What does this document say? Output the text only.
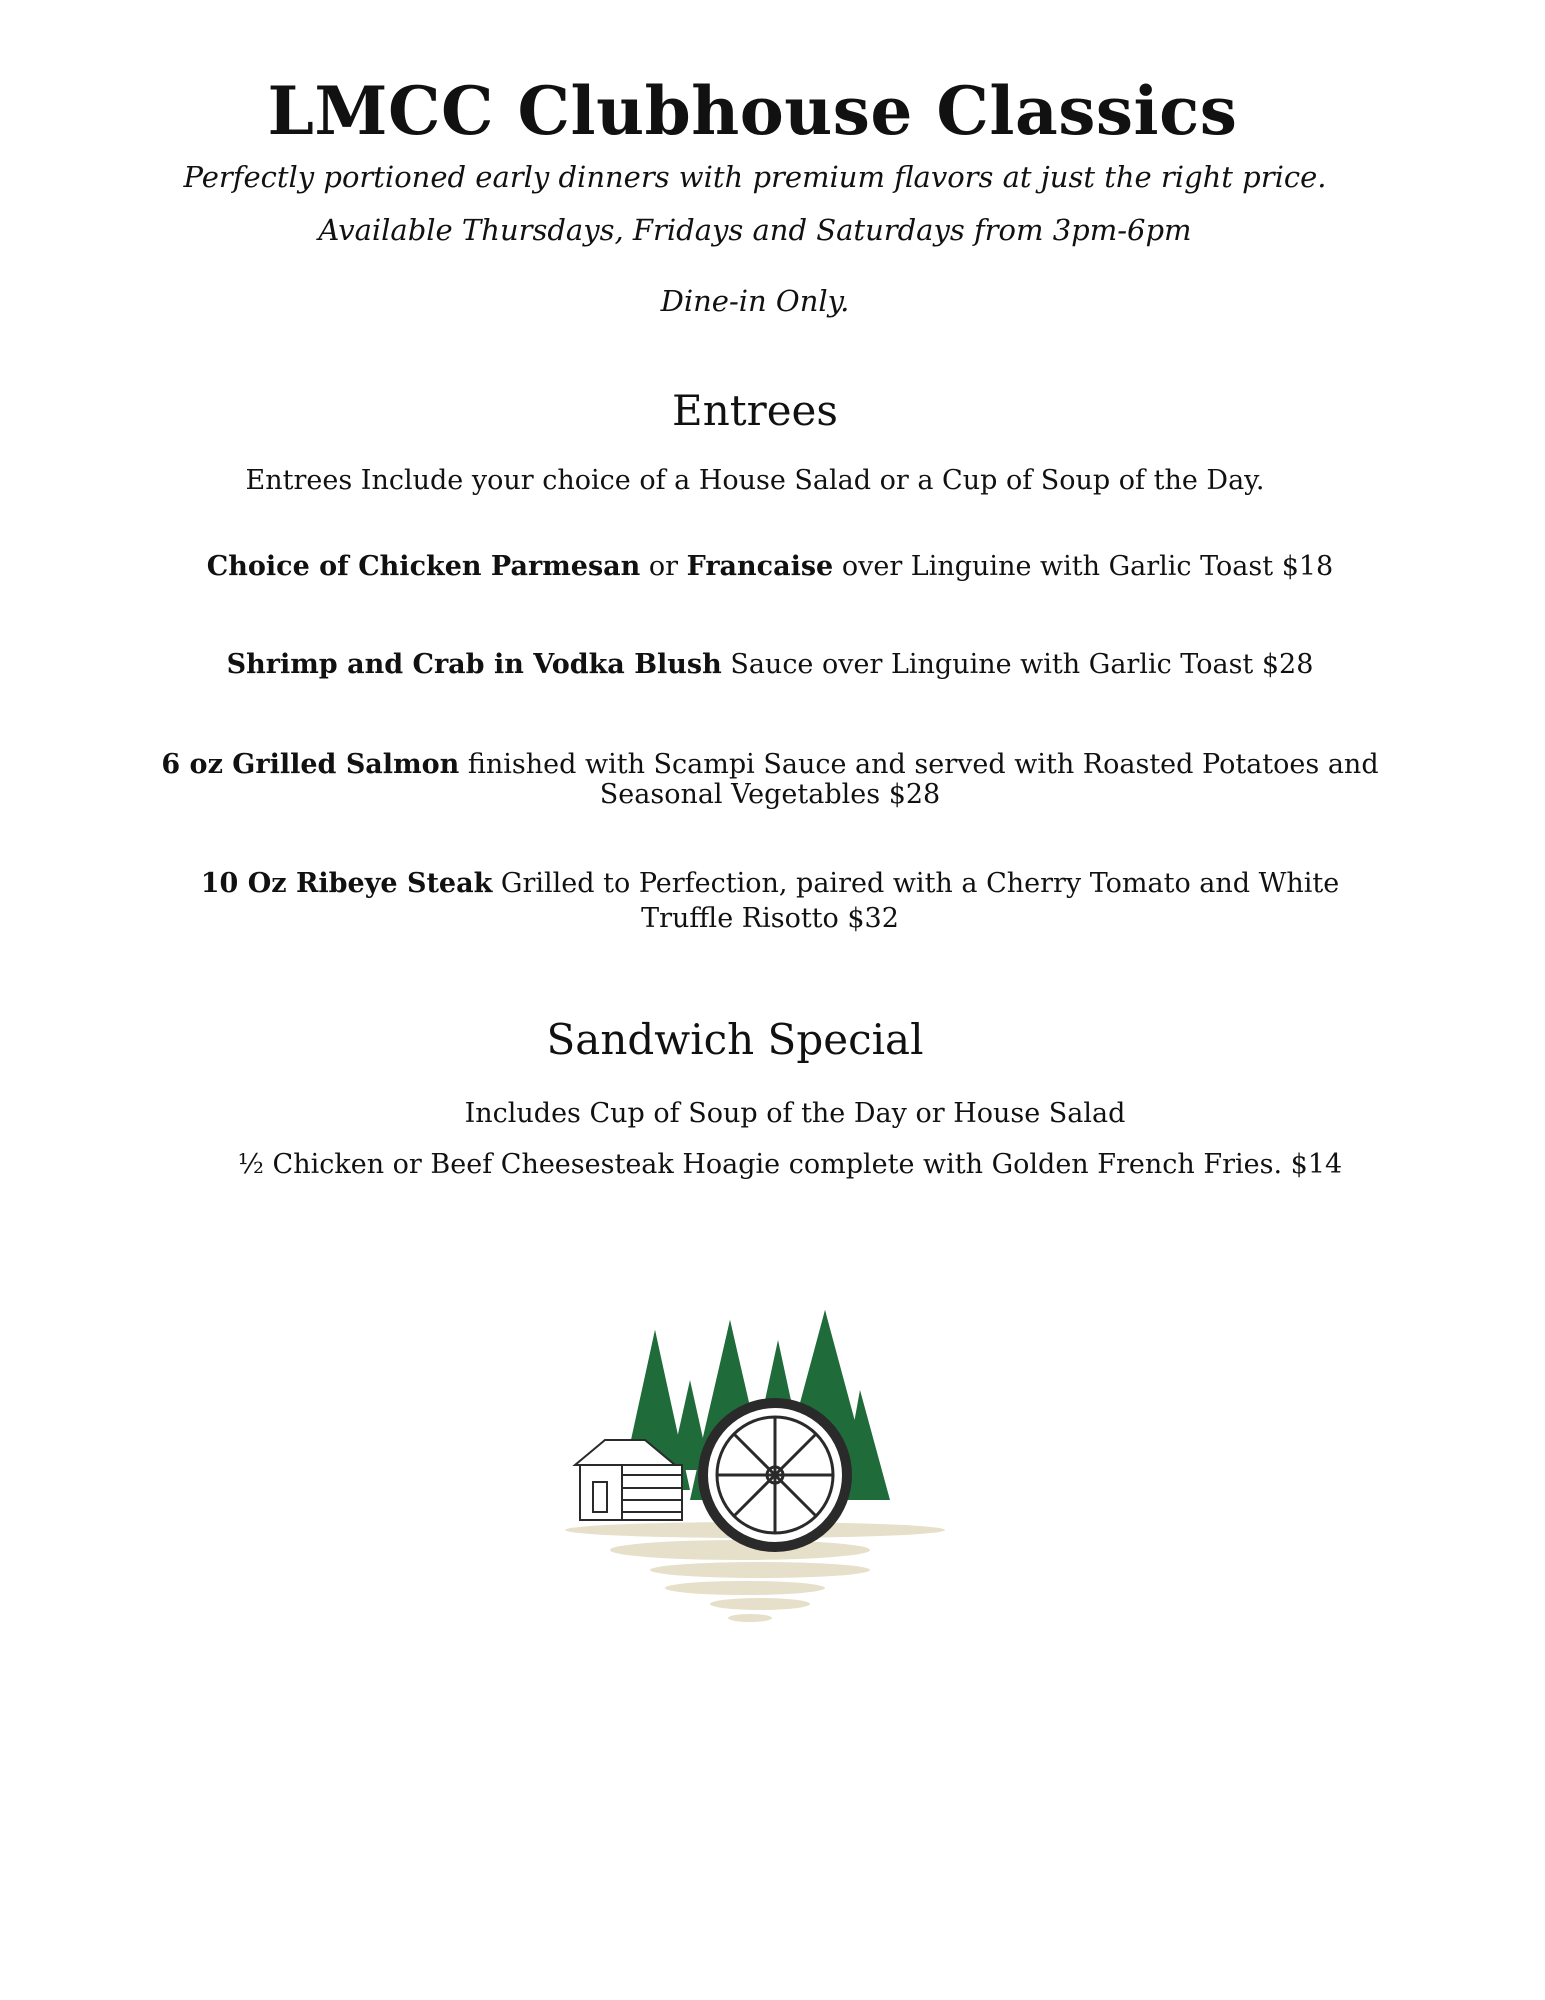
LMCC Clubhouse Classics

Perfectly portioned early dinners with premium flavors at just the right price.

Available Thursdays, Fridays and Saturdays from 3pm-6pm

Dine-in Only.

Entrees

Entrees Include your choice of a House Salad or a Cup of Soup of the Day.

Choice of Chicken Parmesan or Francaise over Linguine with Garlic Toast $18

Shrimp and Crab in Vodka Blush Sauce over Linguine with Garlic Toast $28

6 oz Grilled Salmon finished with Scampi Sauce and served with Roasted Potatoes and Seasonal Vegetables $28

10 Oz Ribeye Steak Grilled to Perfection, paired with a Cherry Tomato and White Truffle Risotto $32

Sandwich Special

Includes Cup of Soup of the Day or House Salad

½ Chicken or Beef Cheesesteak Hoagie complete with Golden French Fries. $14
